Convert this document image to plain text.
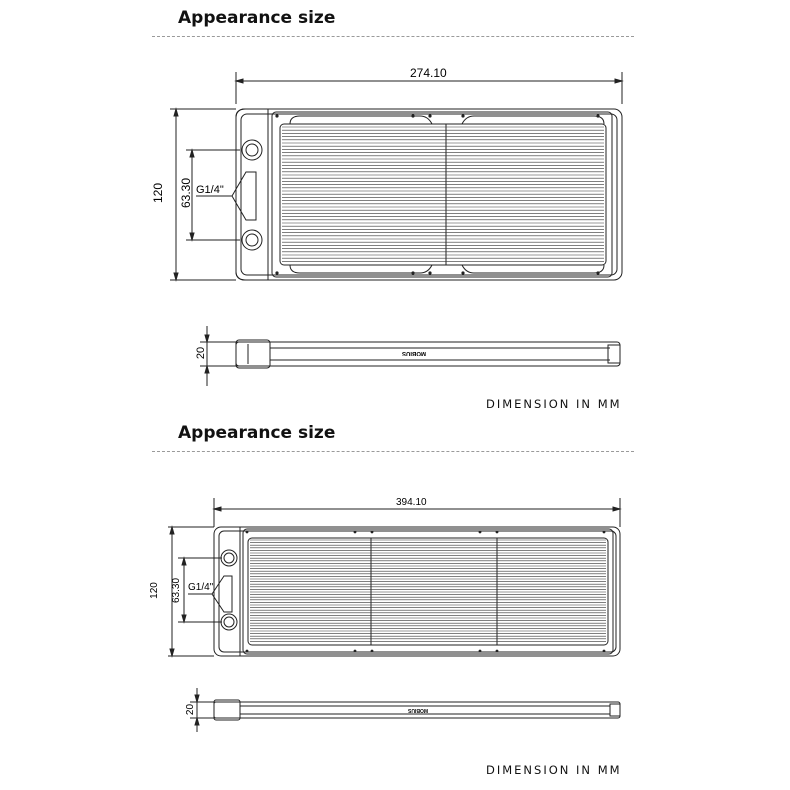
Appearance size
274.10
120 63.30 G1/4"
20	MOBIUS
DIMENSION IN MM
Appearance size
394.10
120 63.30 G1/4"
20	MOBIUS
DIMENSION IN MM
